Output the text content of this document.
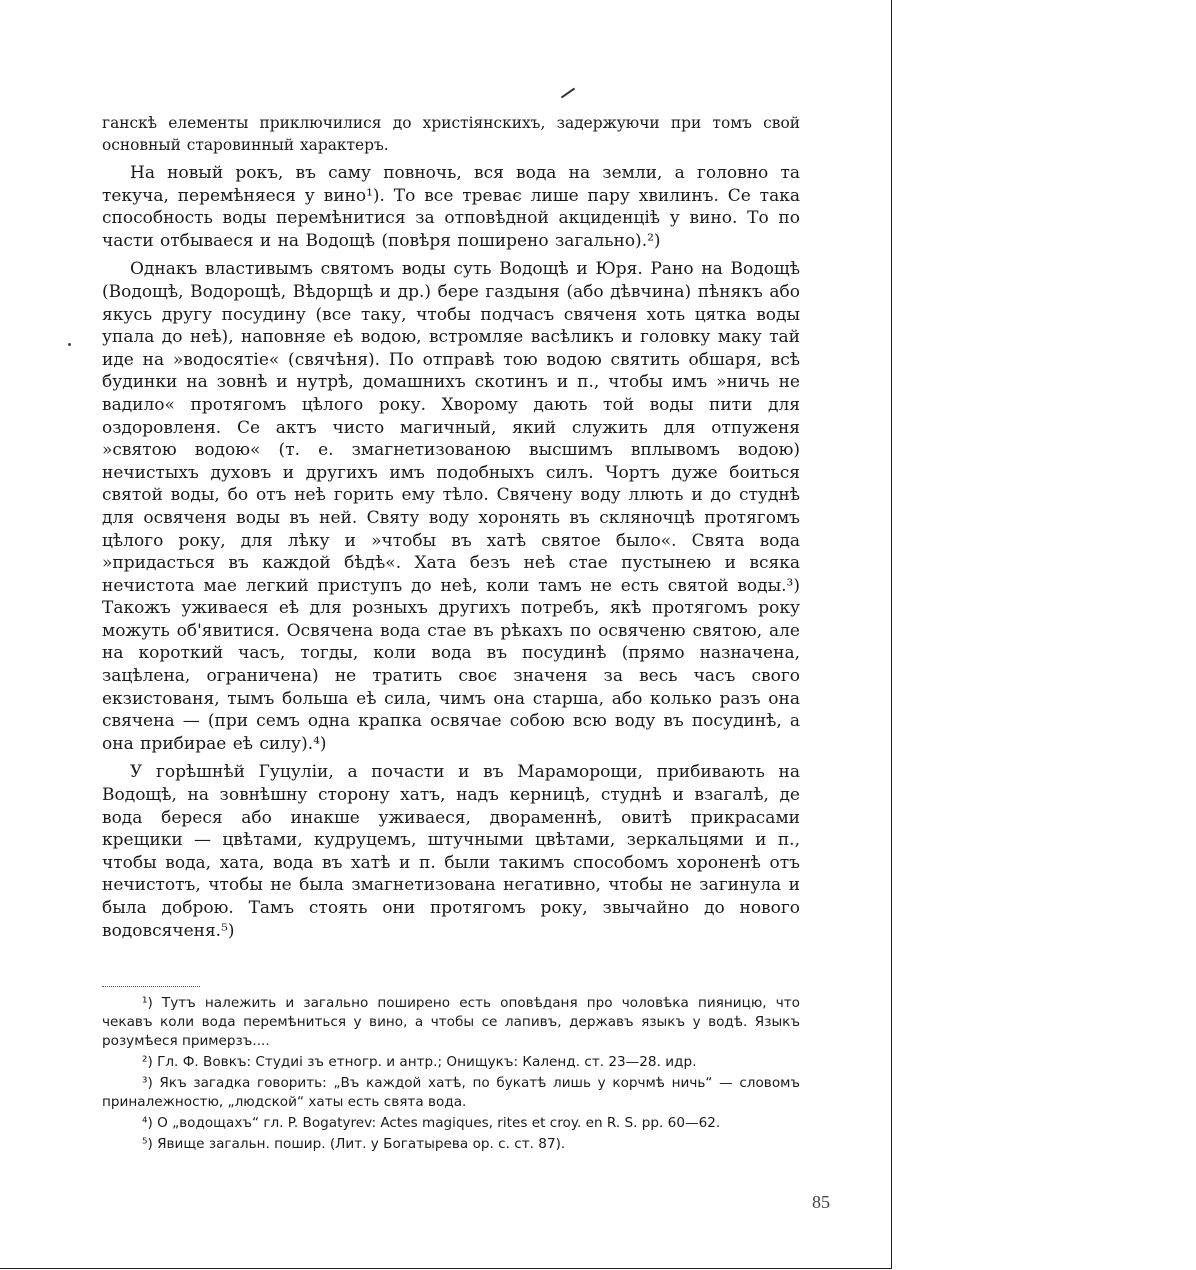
ганскѣ елементы приключилися до христіянскихъ, задержуючи при томъ свой основный старовинный характеръ.

На новый рокъ, въ саму повночь, вся вода на земли, а головно та текуча, перемѣняеся у вино¹). То все треває лише пару хвилинъ. Се така способность воды перемѣнитися за отповѣдной акциденціѣ у вино. То по части отбываеся и на Водощѣ (повѣря поширено загально).²)

Однакъ властивымъ святомъ воды суть Водощѣ и Юря. Рано на Водощѣ (Водощѣ, Водорощѣ, Вѣдорщѣ и др.) бере газдыня (або дѣвчина) пѣнякъ або якусь другу посудину (все таку, чтобы подчасъ свяченя хоть цятка воды упала до неѣ), наповняе еѣ водою, встромляе васѣликъ и головку маку тай иде на »водосятіе« (свячѣня). По отправѣ тою водою святить обшаря, всѣ будинки на зовнѣ и нутрѣ, домашнихъ скотинъ и п., чтобы имъ »ничь не вадило« протягомъ цѣлого року. Хворому дають той воды пити для оздоровленя. Се актъ чисто магичный, який служить для отпуженя »святою водою« (т. е. змагнетизованою высшимъ вплывомъ водою) нечистыхъ духовъ и другихъ имъ подобныхъ силъ. Чортъ дуже боиться святой воды, бо отъ неѣ горить ему тѣло. Свячену воду ллють и до студнѣ для освяченя воды въ ней. Святу воду хоронять въ скляночцѣ протягомъ цѣлого року, для лѣку и »чтобы въ хатѣ святое было«. Свята вода »придасться въ каждой бѣдѣ«. Хата безъ неѣ стае пустынею и всяка нечистота мае легкий приступъ до неѣ, коли тамъ не есть святой воды.³) Такожъ уживаеся еѣ для розныхъ другихъ потребъ, якѣ протягомъ року можуть об'явитися. Освячена вода стае въ рѣкахъ по освяченю святою, але на короткий часъ, тогды, коли вода въ посудинѣ (прямо назначена, зацѣлена, ограничена) не тратить своє значеня за весь часъ свого екзистованя, тымъ больша еѣ сила, чимъ она старша, або колько разъ она свячена — (при семъ одна крапка освячае собою всю воду въ посудинѣ, а она прибирае еѣ силу).⁴)

У горѣшнѣй Гуцуліи, а почасти и въ Мараморощи, прибивають на Водощѣ, на зовнѣшну сторону хатъ, надъ керницѣ, студнѣ и взагалѣ, де вода береся або инакше уживаеся, двораменнѣ, овитѣ прикрасами крещики — цвѣтами, кудруцемъ, штучными цвѣтами, зеркальцями и п., чтобы вода, хата, вода въ хатѣ и п. были такимъ способомъ хороненѣ отъ нечистотъ, чтобы не была змагнетизована негативно, чтобы не загинула и была доброю. Тамъ стоять они протягомъ року, звычайно до нового водовсяченя.⁵)

¹) Тутъ належить и загально поширено есть оповѣданя про чоловѣка пияницю, что чекавъ коли вода перемѣниться у вино, а чтобы се лапивъ, державъ языкъ у водѣ. Языкъ розумѣеся примерзъ....

²) Гл. Ф. Вовкъ: Студиі зъ етногр. и антр.; Онищукъ: Календ. ст. 23—28. идр.

³) Якъ загадка говорить: „Въ каждой хатѣ, по букатѣ лишь у корчмѣ ничь“ — словомъ приналежностю, „людской“ хаты есть свята вода.

⁴) О „водощахъ“ гл. P. Bogatyrev: Actes magiques, rites et croy. en R. S. pp. 60—62.

⁵) Явище загальн. пошир. (Лит. у Богатырева ор. с. ст. 87).

85
